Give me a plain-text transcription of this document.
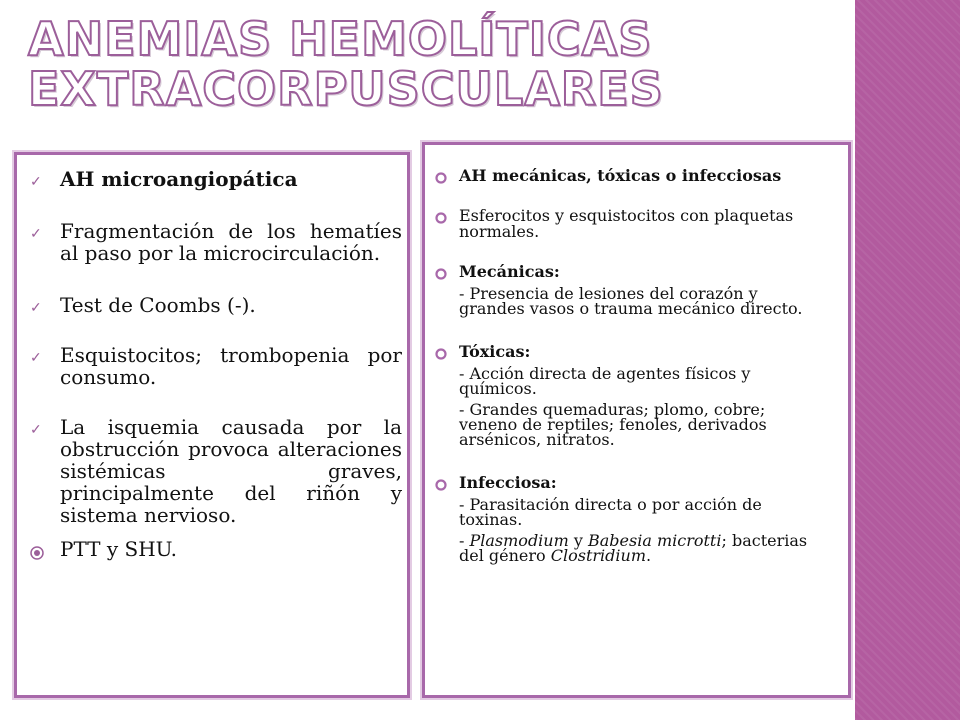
ANEMIAS HEMOLÍTICAS
EXTRACORPUSCULARES
✓ AH microangiopática
✓ Fragmentación de los hematíes al paso por la microcirculación.
✓ Test de Coombs (-).
✓ Esquistocitos; trombopenia por consumo.
✓ La isquemia causada por la obstrucción provoca alteraciones sistémicas graves, principalmente del riñón y sistema nervioso.
PTT y SHU.
AH mecánicas, tóxicas o infecciosas
Esferocitos y esquistocitos con plaquetas normales.
Mecánicas:
- Presencia de lesiones del corazón y grandes vasos o trauma mecánico directo.
Tóxicas:
- Acción directa de agentes físicos y químicos.
- Grandes quemaduras; plomo, cobre; veneno de reptiles; fenoles, derivados arsénicos, nitratos.
Infecciosa:
- Parasitación directa o por acción de toxinas.
- Plasmodium y Babesia microtti; bacterias del género Clostridium.
